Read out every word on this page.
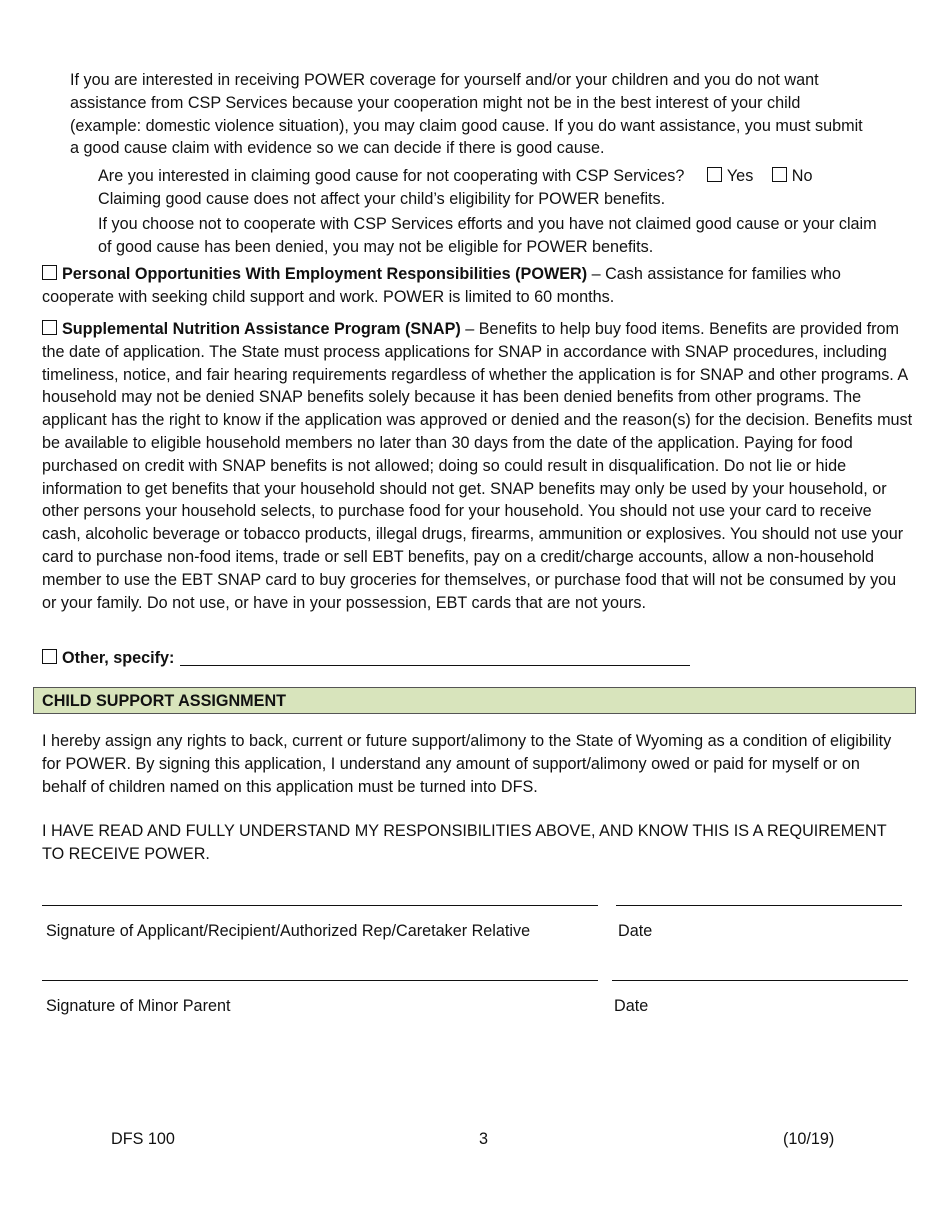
If you are interested in receiving POWER coverage for yourself and/or your children and you do not want assistance from CSP Services because your cooperation might not be in the best interest of your child (example: domestic violence situation), you may claim good cause. If you do want assistance, you must submit a good cause claim with evidence so we can decide if there is good cause.

Are you interested in claiming good cause for not cooperating with CSP Services?	Yes No

Claiming good cause does not affect your child’s eligibility for POWER benefits.

If you choose not to cooperate with CSP Services efforts and you have not claimed good cause or your claim of good cause has been denied, you may not be eligible for POWER benefits.

Personal Opportunities With Employment Responsibilities (POWER) – Cash assistance for families who cooperate with seeking child support and work. POWER is limited to 60 months.

Supplemental Nutrition Assistance Program (SNAP) – Benefits to help buy food items. Benefits are provided from the date of application. The State must process applications for SNAP in accordance with SNAP procedures, including timeliness, notice, and fair hearing requirements regardless of whether the application is for SNAP and other programs. A household may not be denied SNAP benefits solely because it has been denied benefits from other programs. The applicant has the right to know if the application was approved or denied and the reason(s) for the decision. Benefits must be available to eligible household members no later than 30 days from the date of the application. Paying for food purchased on credit with SNAP benefits is not allowed; doing so could result in disqualification. Do not lie or hide information to get benefits that your household should not get. SNAP benefits may only be used by your household, or other persons your household selects, to purchase food for your household. You should not use your card to receive cash, alcoholic beverage or tobacco products, illegal drugs, firearms, ammunition or explosives. You should not use your card to purchase non-food items, trade or sell EBT benefits, pay on a credit/charge accounts, allow a non-household member to use the EBT SNAP card to buy groceries for themselves, or purchase food that will not be consumed by you or your family. Do not use, or have in your possession, EBT cards that are not yours.

Other, specify:

CHILD SUPPORT ASSIGNMENT

I hereby assign any rights to back, current or future support/alimony to the State of Wyoming as a condition of eligibility for POWER. By signing this application, I understand any amount of support/alimony owed or paid for myself or on behalf of children named on this application must be turned into DFS.

I HAVE READ AND FULLY UNDERSTAND MY RESPONSIBILITIES ABOVE, AND KNOW THIS IS A REQUIREMENT TO RECEIVE POWER.

Signature of Applicant/Recipient/Authorized Rep/Caretaker Relative	Date
Signature of Minor Parent	Date
DFS 100	3	(10/19)
